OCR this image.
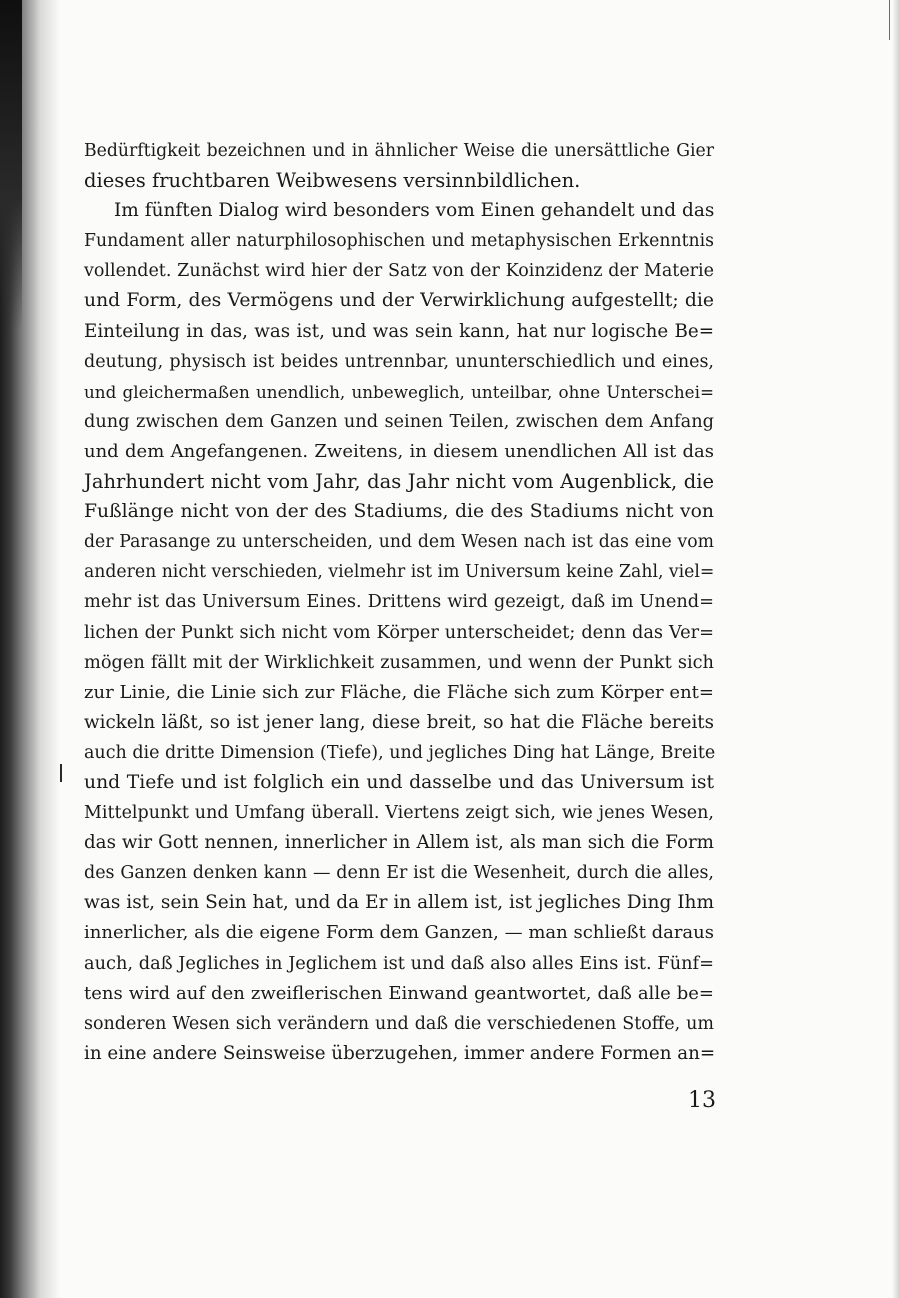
Bedürftigkeit bezeichnen und in ähnlicher Weise die unersättliche Gier
dieses fruchtbaren Weibwesens versinnbildlichen.
Im fünften Dialog wird besonders vom Einen gehandelt und das
Fundament aller naturphilosophischen und metaphysischen Erkenntnis
vollendet. Zunächst wird hier der Satz von der Koinzidenz der Materie
und Form, des Vermögens und der Verwirklichung aufgestellt; die
Einteilung in das, was ist, und was sein kann, hat nur logische Be=
deutung, physisch ist beides untrennbar, ununterschiedlich und eines,
und gleichermaßen unendlich, unbeweglich, unteilbar, ohne Unterschei=
dung zwischen dem Ganzen und seinen Teilen, zwischen dem Anfang
und dem Angefangenen. Zweitens, in diesem unendlichen All ist das
Jahrhundert nicht vom Jahr, das Jahr nicht vom Augenblick, die
Fußlänge nicht von der des Stadiums, die des Stadiums nicht von
der Parasange zu unterscheiden, und dem Wesen nach ist das eine vom
anderen nicht verschieden, vielmehr ist im Universum keine Zahl, viel=
mehr ist das Universum Eines. Drittens wird gezeigt, daß im Unend=
lichen der Punkt sich nicht vom Körper unterscheidet; denn das Ver=
mögen fällt mit der Wirklichkeit zusammen, und wenn der Punkt sich
zur Linie, die Linie sich zur Fläche, die Fläche sich zum Körper ent=
wickeln läßt, so ist jener lang, diese breit, so hat die Fläche bereits
auch die dritte Dimension (Tiefe), und jegliches Ding hat Länge, Breite
und Tiefe und ist folglich ein und dasselbe und das Universum ist
Mittelpunkt und Umfang überall. Viertens zeigt sich, wie jenes Wesen,
das wir Gott nennen, innerlicher in Allem ist, als man sich die Form
des Ganzen denken kann — denn Er ist die Wesenheit, durch die alles,
was ist, sein Sein hat, und da Er in allem ist, ist jegliches Ding Ihm
innerlicher, als die eigene Form dem Ganzen, — man schließt daraus
auch, daß Jegliches in Jeglichem ist und daß also alles Eins ist. Fünf=
tens wird auf den zweiflerischen Einwand geantwortet, daß alle be=
sonderen Wesen sich verändern und daß die verschiedenen Stoffe, um
in eine andere Seinsweise überzugehen, immer andere Formen an=
13
